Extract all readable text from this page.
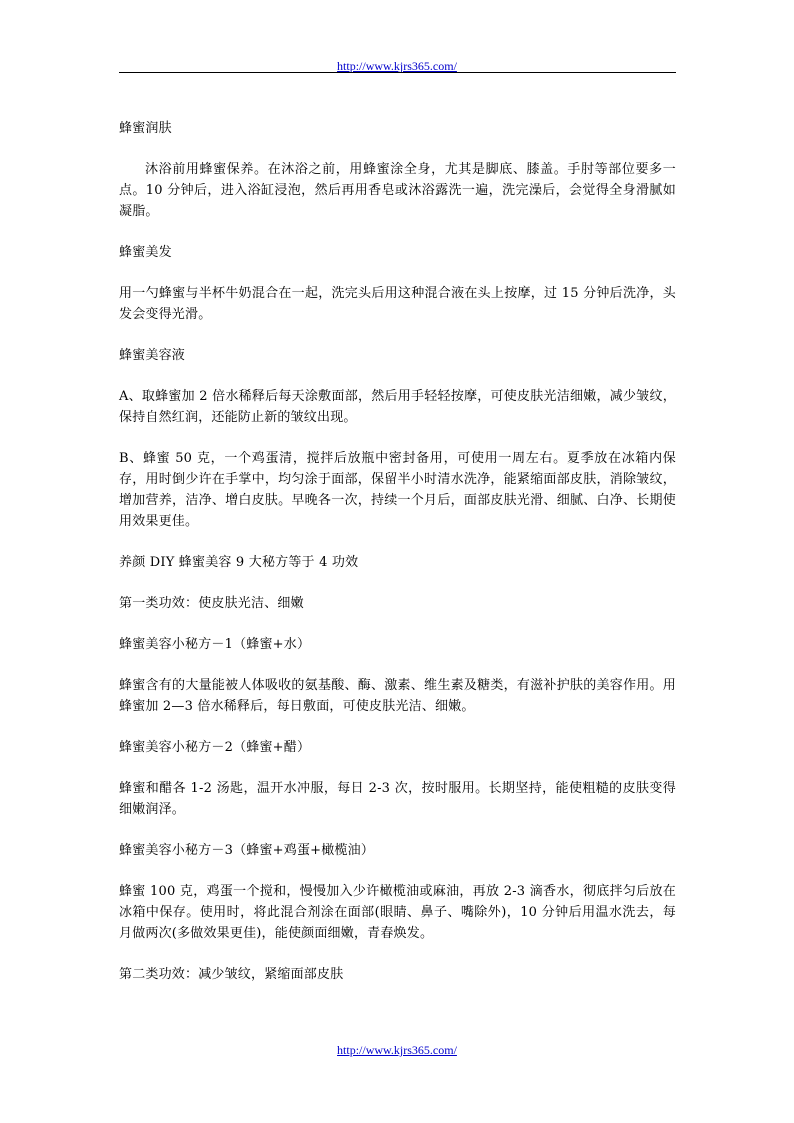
http://www.kjrs365.com/

蜂蜜润肤

沐浴前用蜂蜜保养。在沐浴之前，用蜂蜜涂全身，尤其是脚底、膝盖。手肘等部位要多一点。10 分钟后，进入浴缸浸泡，然后再用香皂或沐浴露洗一遍，洗完澡后，会觉得全身滑腻如凝脂。

蜂蜜美发

用一勺蜂蜜与半杯牛奶混合在一起，洗完头后用这种混合液在头上按摩，过 15 分钟后洗净，头发会变得光滑。

蜂蜜美容液

A、取蜂蜜加 2 倍水稀释后每天涂敷面部，然后用手轻轻按摩，可使皮肤光洁细嫩，减少皱纹，保持自然红润，还能防止新的皱纹出现。

B、蜂蜜 50 克，一个鸡蛋清，搅拌后放瓶中密封备用，可使用一周左右。夏季放在冰箱内保存，用时倒少许在手掌中，均匀涂于面部，保留半小时清水洗净，能紧缩面部皮肤，消除皱纹，增加营养，洁净、增白皮肤。早晚各一次，持续一个月后，面部皮肤光滑、细腻、白净、长期使用效果更佳。

养颜 DIY 蜂蜜美容 9 大秘方等于 4 功效

第一类功效：使皮肤光洁、细嫩

蜂蜜美容小秘方－1（蜂蜜+水）

蜂蜜含有的大量能被人体吸收的氨基酸、酶、激素、维生素及糖类，有滋补护肤的美容作用。用蜂蜜加 2—3 倍水稀释后，每日敷面，可使皮肤光洁、细嫩。

蜂蜜美容小秘方－2（蜂蜜+醋）

蜂蜜和醋各 1-2 汤匙，温开水冲服，每日 2-3 次，按时服用。长期坚持，能使粗糙的皮肤变得细嫩润泽。

蜂蜜美容小秘方－3（蜂蜜+鸡蛋+橄榄油）

蜂蜜 100 克，鸡蛋一个搅和，慢慢加入少许橄榄油或麻油，再放 2-3 滴香水，彻底拌匀后放在冰箱中保存。使用时，将此混合剂涂在面部(眼睛、鼻子、嘴除外)，10 分钟后用温水洗去，每月做两次(多做效果更佳)，能使颜面细嫩，青春焕发。

第二类功效：减少皱纹，紧缩面部皮肤

http://www.kjrs365.com/
